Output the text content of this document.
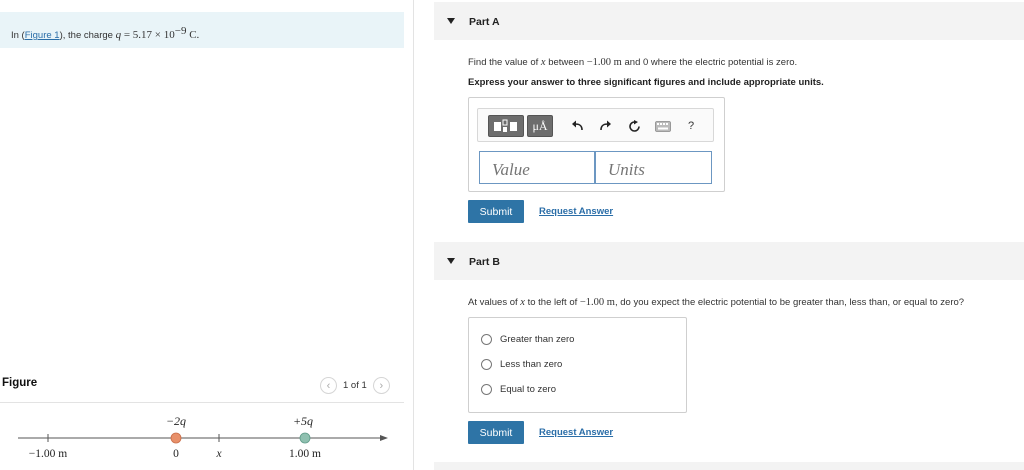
In (Figure 1), the charge $q = 5.17 \times 10^{-9}$ C.
Figure	‹ 1 of 1 ›
−2q	+5q
−1.00 m	0	x	1.00 m
Part A
Find the value of x between −1.00 m and 0 where the electric potential is zero.
Express your answer to three significant figures and include appropriate units.
μÅ	?
Value
Units
Submit	Request Answer
Part B
At values of x to the left of −1.00 m, do you expect the electric potential to be greater than, less than, or equal to zero?
Greater than zero
Less than zero
Equal to zero
Submit	Request Answer
